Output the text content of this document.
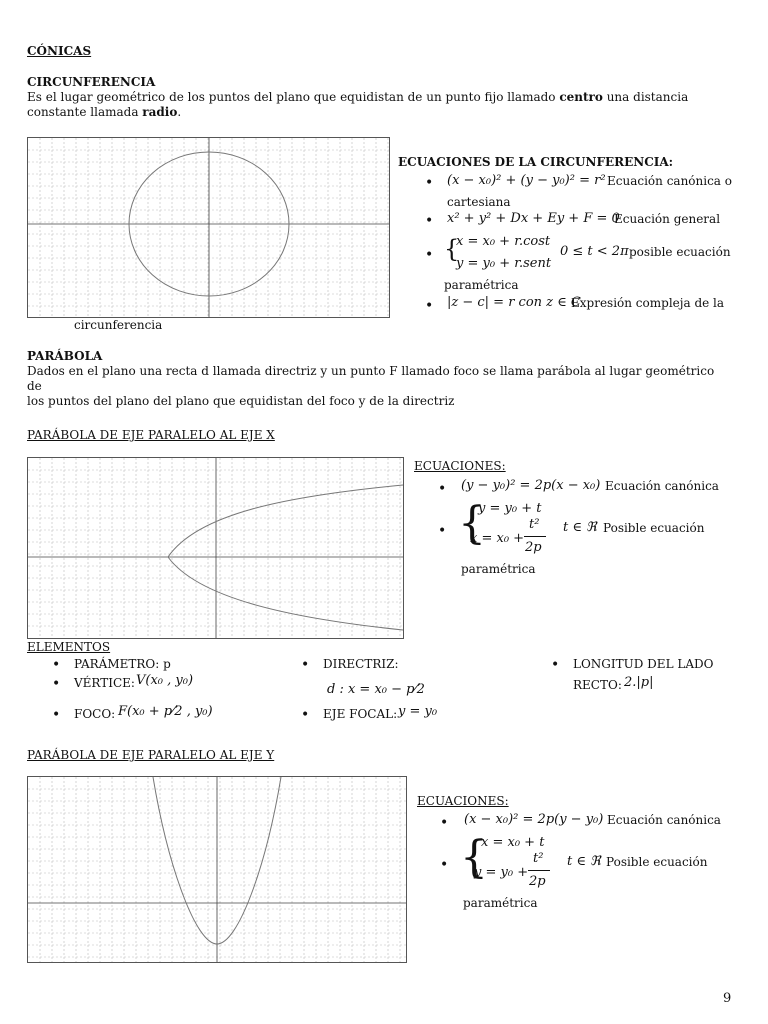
CÓNICAS
CIRCUNFERENCIA
Es el lugar geométrico de los puntos del plano que equidistan de un punto fijo llamado centro una distancia
constante llamada radio.
ECUACIONES DE LA CIRCUNFERENCIA:
• (x − x₀)² + (y − y₀)² = r² Ecuación canónica o
cartesiana
• x² + y² + Dx + Ey + F = 0
Ecuación general
• {
x = x₀ + r.cost
y = y₀ + r.sent
0 ≤ t < 2π posible ecuación
paramétrica
• |z − c| = r con z ∈ C
Expresión compleja de la
circunferencia
PARÁBOLA
Dados en el plano una recta d llamada directriz y un punto F llamado foco se llama parábola al lugar geométrico de
los puntos del plano del plano que equidistan del foco y de la directriz
PARÁBOLA DE EJE PARALELO AL EJE X
ECUACIONES:
• (y − y₀)² = 2p(x − x₀) Ecuación canónica
• {
y = y₀ + t
x = x₀ +
t²
2p
t ∈ ℜ Posible ecuación
paramétrica
ELEMENTOS
• PARÁMETRO: p
• VÉRTICE: V(x₀ , y₀)
• FOCO: F(x₀ + p⁄2 , y₀)
• DIRECTRIZ:
d : x = x₀ − p⁄2
• EJE FOCAL: y = y₀
• LONGITUD DEL LADO
RECTO: 2.|p|
PARÁBOLA DE EJE PARALELO AL EJE Y
ECUACIONES:
• (x − x₀)² = 2p(y − y₀) Ecuación canónica
• {
x = x₀ + t
y = y₀ +
t²
2p
t ∈ ℜ Posible ecuación
paramétrica
9
